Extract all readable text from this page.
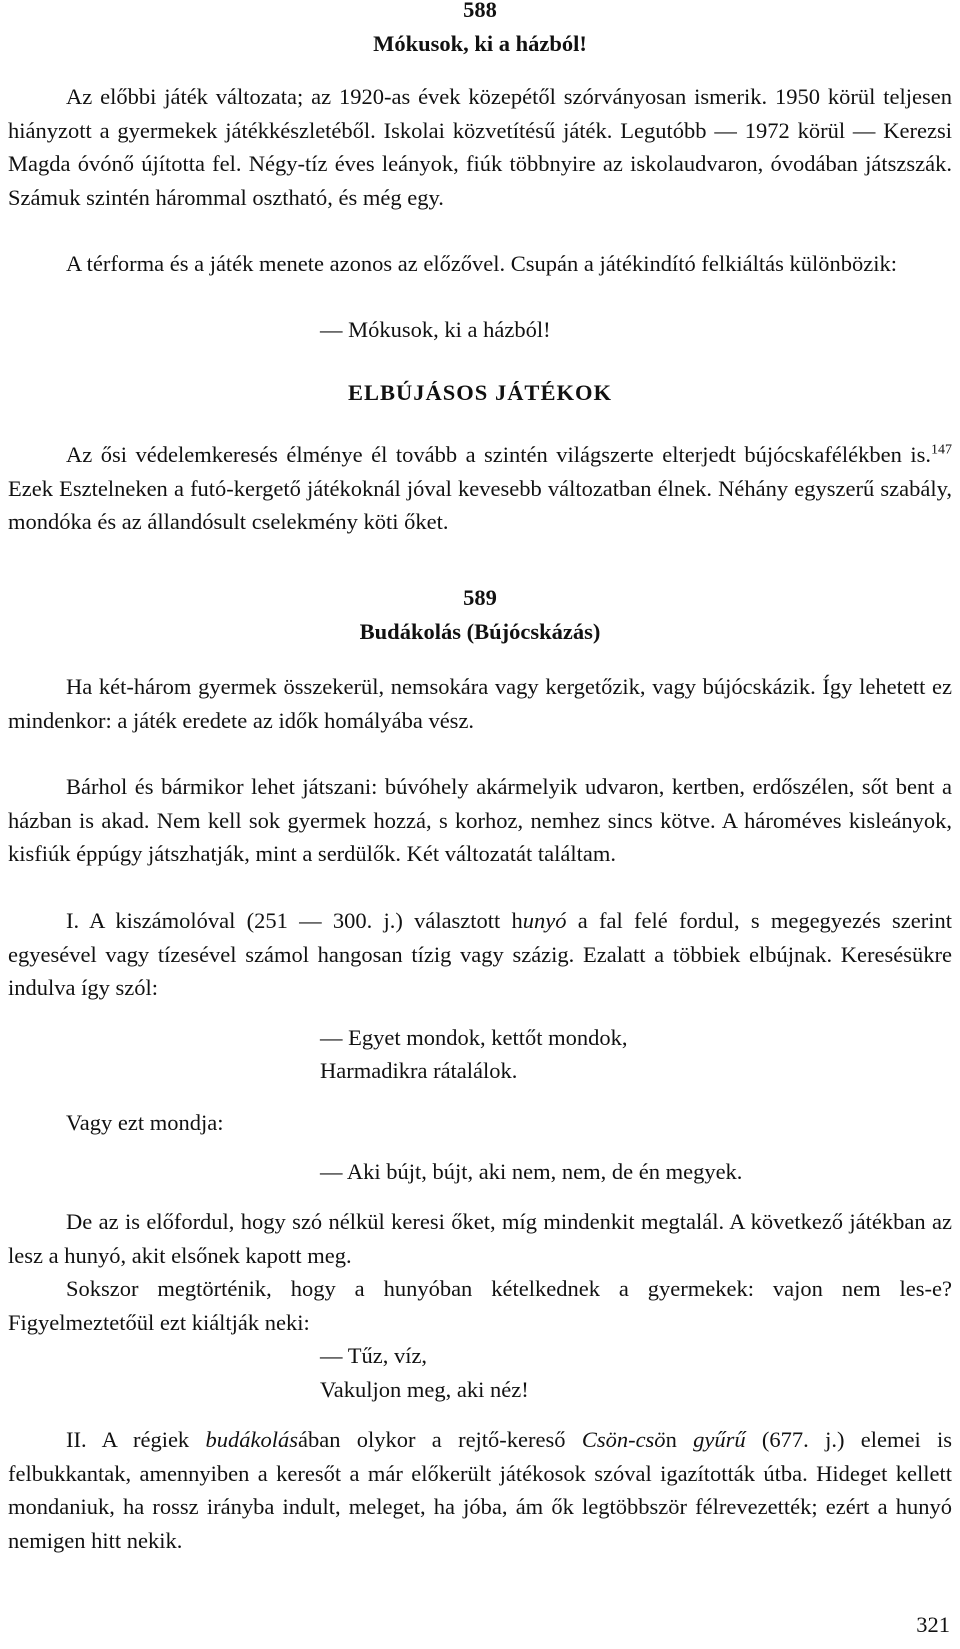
588
Mókusok, ki a házból!

Az előbbi játék változata; az 1920-as évek közepétől szórványosan ismerik. 1950 körül teljesen hiányzott a gyermekek játékkészletéből. Iskolai közvetítésű játék. Legutóbb — 1972 körül — Kerezsi Magda óvónő újította fel. Négy-tíz éves leányok, fiúk többnyire az iskolaudvaron, óvodában játszszák. Számuk szintén hárommal osztható, és még egy.

A térforma és a játék menete azonos az előzővel. Csupán a játékindító felkiáltás különbözik:

— Mókusok, ki a házból!
ELBÚJÁSOS JÁTÉKOK

Az ősi védelemkeresés élménye él tovább a szintén világszerte elterjedt bújócskafélékben is.$^{147}$ Ezek Esztelneken a futó-kergető játékoknál jóval kevesebb változatban élnek. Néhány egyszerű szabály, mondóka és az állandósult cselekmény köti őket.

589
Budákolás (Bújócskázás)

Ha két-három gyermek összekerül, nemsokára vagy kergetőzik, vagy bújócskázik. Így lehetett ez mindenkor: a játék eredete az idők homályába vész.

Bárhol és bármikor lehet játszani: búvóhely akármelyik udvaron, kertben, erdőszélen, sőt bent a házban is akad. Nem kell sok gyermek hozzá, s korhoz, nemhez sincs kötve. A hároméves kisleányok, kisfiúk éppúgy játszhatják, mint a serdülők. Két változatát találtam.

I. A kiszámolóval (251 — 300. j.) választott hunyó a fal felé fordul, s megegyezés szerint egyesével vagy tízesével számol hangosan tízig vagy százig. Ezalatt a többiek elbújnak. Keresésükre indulva így szól:

— Egyet mondok, kettőt mondok,
Harmadikra rátalálok.
Vagy ezt mondja:
— Aki bújt, bújt, aki nem, nem, de én megyek.

De az is előfordul, hogy szó nélkül keresi őket, míg mindenkit megtalál. A következő játékban az lesz a hunyó, akit elsőnek kapott meg.

Sokszor megtörténik, hogy a hunyóban kételkednek a gyermekek: vajon nem les-e? Figyelmeztetőül ezt kiáltják neki:

— Tűz, víz,
Vakuljon meg, aki néz!

II. A régiek budákolásában olykor a rejtő-kereső Csön-csön gyűrű (677. j.) elemei is felbukkantak, amennyiben a keresőt a már előkerült játékosok szóval igazították útba. Hideget kellett mondaniuk, ha rossz irányba indult, meleget, ha jóba, ám ők legtöbbször félrevezették; ezért a hunyó nemigen hitt nekik.

321
